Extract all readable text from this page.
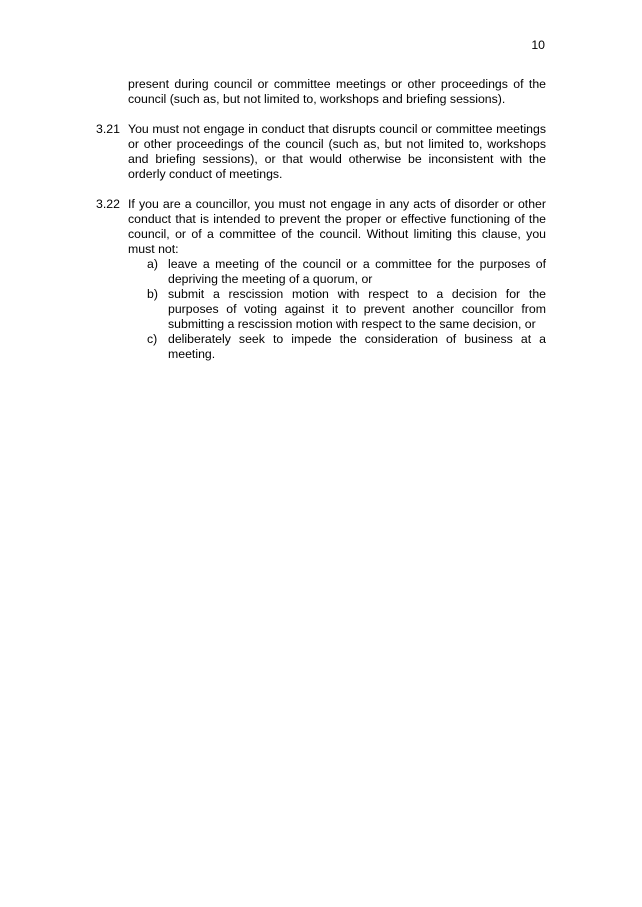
10
present during council or committee meetings or other proceedings of the council (such as, but not limited to, workshops and briefing sessions).
3.21 You must not engage in conduct that disrupts council or committee meetings or other proceedings of the council (such as, but not limited to, workshops and briefing sessions), or that would otherwise be inconsistent with the orderly conduct of meetings.
3.22 If you are a councillor, you must not engage in any acts of disorder or other conduct that is intended to prevent the proper or effective functioning of the council, or of a committee of the council. Without limiting this clause, you must not:
a) leave a meeting of the council or a committee for the purposes of depriving the meeting of a quorum, or
b) submit a rescission motion with respect to a decision for the purposes of voting against it to prevent another councillor from submitting a rescission motion with respect to the same decision, or
c) deliberately seek to impede the consideration of business at a meeting.
